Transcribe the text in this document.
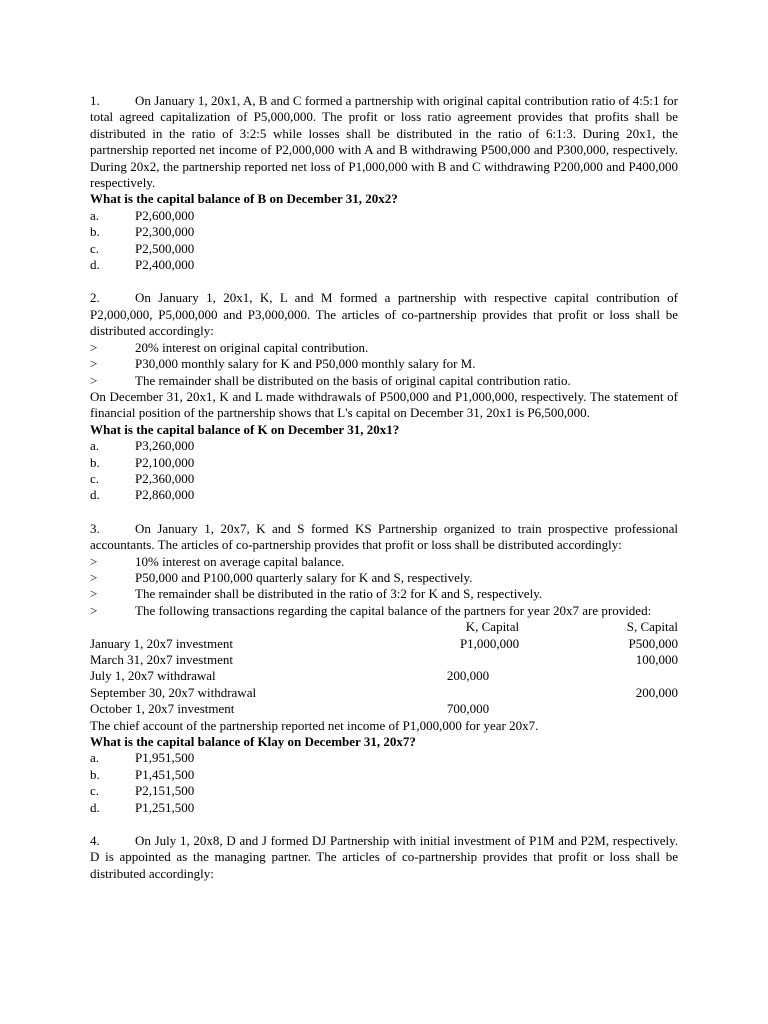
1.	On January 1, 20x1, A, B and C formed a partnership with original capital contribution ratio of 4:5:1 for total agreed capitalization of P5,000,000. The profit or loss ratio agreement provides that profits shall be distributed in the ratio of 3:2:5 while losses shall be distributed in the ratio of 6:1:3. During 20x1, the partnership reported net income of P2,000,000 with A and B withdrawing P500,000 and P300,000, respectively. During 20x2, the partnership reported net loss of P1,000,000 with B and C withdrawing P200,000 and P400,000 respectively.

What is the capital balance of B on December 31, 20x2?

a.	P2,600,000
b.	P2,300,000
c.	P2,500,000
d.	P2,400,000

2.	On January 1, 20x1, K, L and M formed a partnership with respective capital contribution of P2,000,000, P5,000,000 and P3,000,000. The articles of co-partnership provides that profit or loss shall be distributed accordingly:

>	20% interest on original capital contribution.
>	P30,000 monthly salary for K and P50,000 monthly salary for M.
>	The remainder shall be distributed on the basis of original capital contribution ratio.

On December 31, 20x1, K and L made withdrawals of P500,000 and P1,000,000, respectively. The statement of financial position of the partnership shows that L's capital on December 31, 20x1 is P6,500,000.

What is the capital balance of K on December 31, 20x1?

a.	P3,260,000
b.	P2,100,000
c.	P2,360,000
d.	P2,860,000

3.	On January 1, 20x7, K and S formed KS Partnership organized to train prospective professional accountants. The articles of co-partnership provides that profit or loss shall be distributed accordingly:

>	10% interest on average capital balance.
>	P50,000 and P100,000 quarterly salary for K and S, respectively.
>	The remainder shall be distributed in the ratio of 3:2 for K and S, respectively.

>	The following transactions regarding the capital balance of the partners for year 20x7 are provided:

	K, Capital	S, Capital
January 1, 20x7 investment	P1,000,000	P500,000
March 31, 20x7 investment		100,000
July 1, 20x7 withdrawal	200,000	
September 30, 20x7 withdrawal		200,000
October 1, 20x7 investment	700,000	

The chief account of the partnership reported net income of P1,000,000 for year 20x7.

What is the capital balance of Klay on December 31, 20x7?

a.	P1,951,500
b.	P1,451,500
c.	P2,151,500
d.	P1,251,500

4.	On July 1, 20x8, D and J formed DJ Partnership with initial investment of P1M and P2M, respectively. D is appointed as the managing partner. The articles of co-partnership provides that profit or loss shall be distributed accordingly:
